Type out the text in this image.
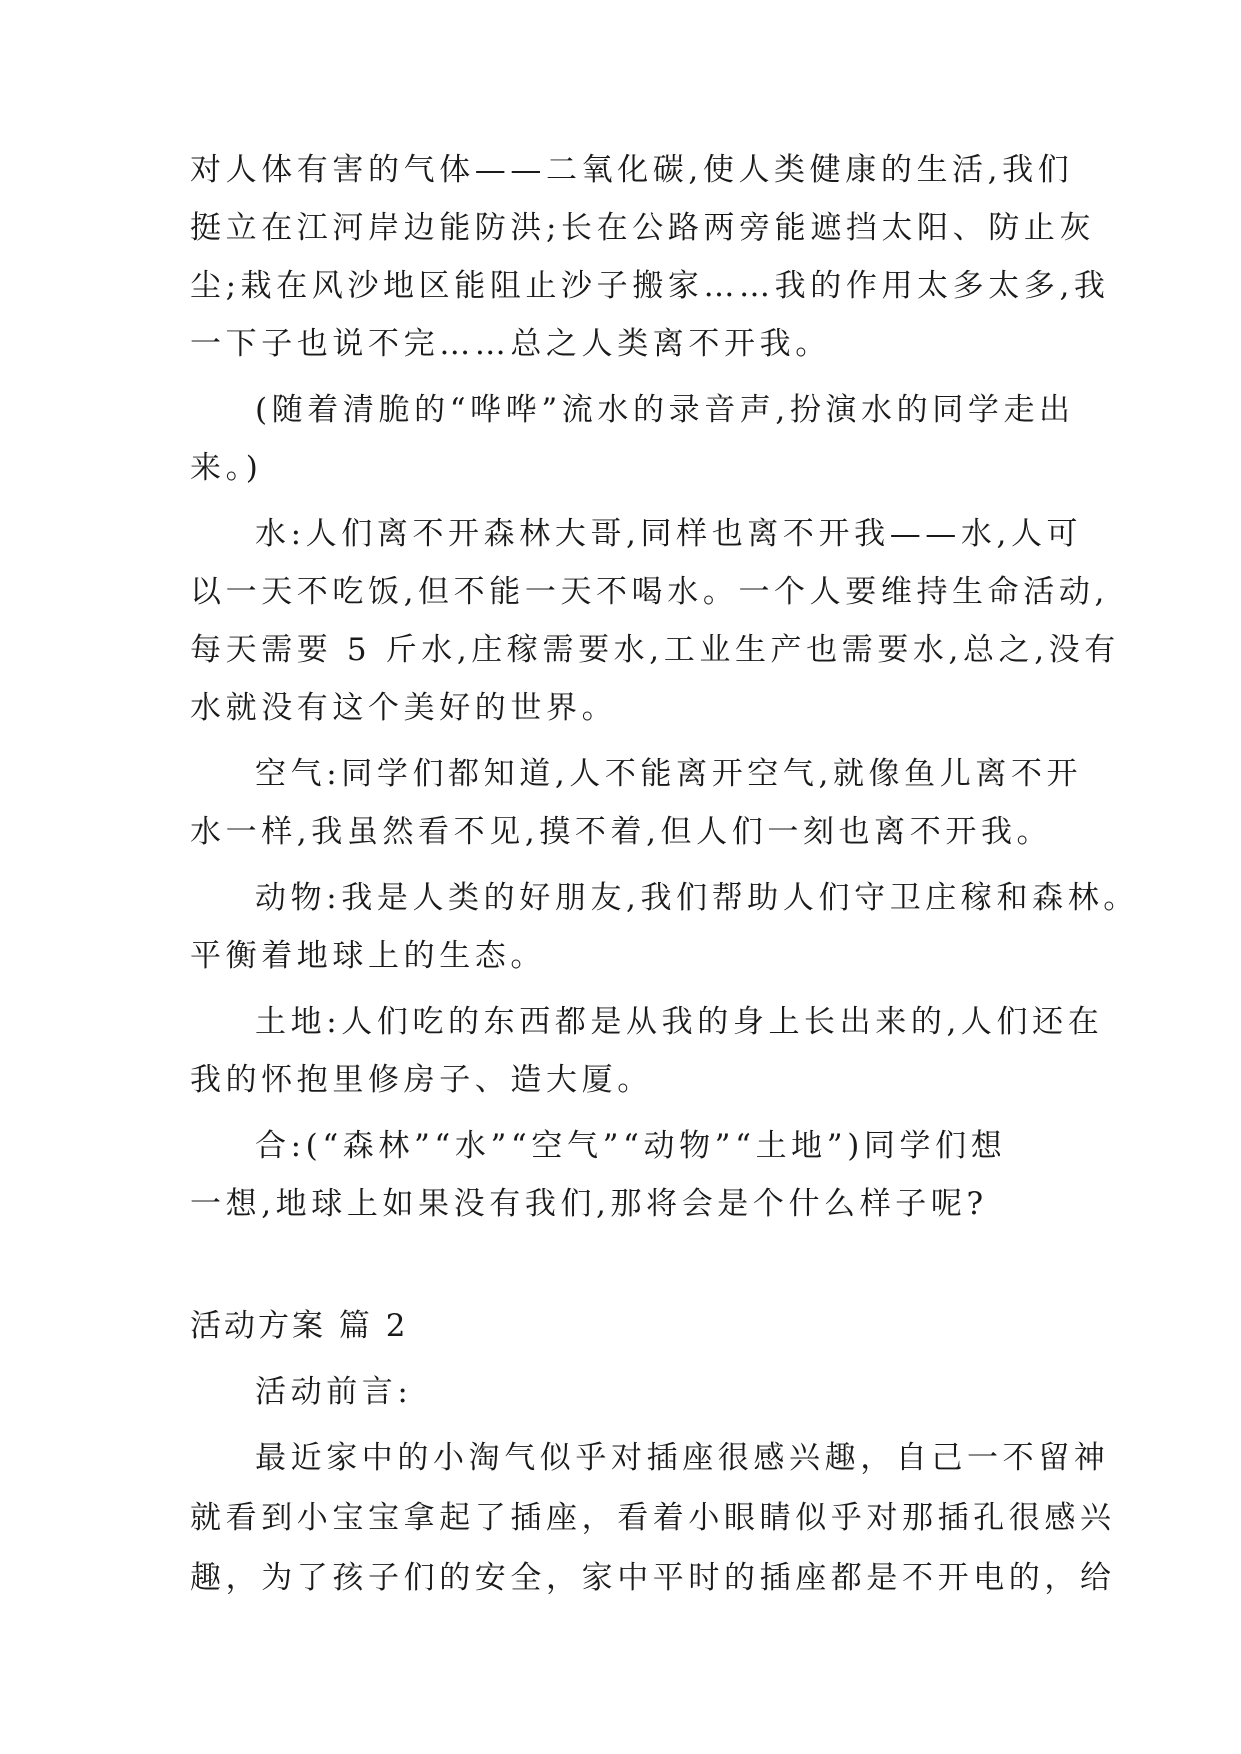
对人体有害的气体——二氧化碳,使人类健康的生活,我们
挺立在江河岸边能防洪;长在公路两旁能遮挡太阳、防止灰
尘;栽在风沙地区能阻止沙子搬家……我的作用太多太多,我
一下子也说不完……总之人类离不开我。
(随着清脆的“哗哗”流水的录音声,扮演水的同学走出
来。)
水:人们离不开森林大哥,同样也离不开我——水,人可
以一天不吃饭,但不能一天不喝水。一个人要维持生命活动,
每天需要 5 斤水,庄稼需要水,工业生产也需要水,总之,没有
水就没有这个美好的世界。
空气:同学们都知道,人不能离开空气,就像鱼儿离不开
水一样,我虽然看不见,摸不着,但人们一刻也离不开我。
动物:我是人类的好朋友,我们帮助人们守卫庄稼和森林。
平衡着地球上的生态。
土地:人们吃的东西都是从我的身上长出来的,人们还在
我的怀抱里修房子、造大厦。
合:(“森林”“水”“空气”“动物”“土地”)同学们想
一想,地球上如果没有我们,那将会是个什么样子呢?
活动方案 篇 2
活动前言:
最近家中的小淘气似乎对插座很感兴趣，自己一不留神
就看到小宝宝拿起了插座，看着小眼睛似乎对那插孔很感兴
趣，为了孩子们的安全，家中平时的插座都是不开电的，给
